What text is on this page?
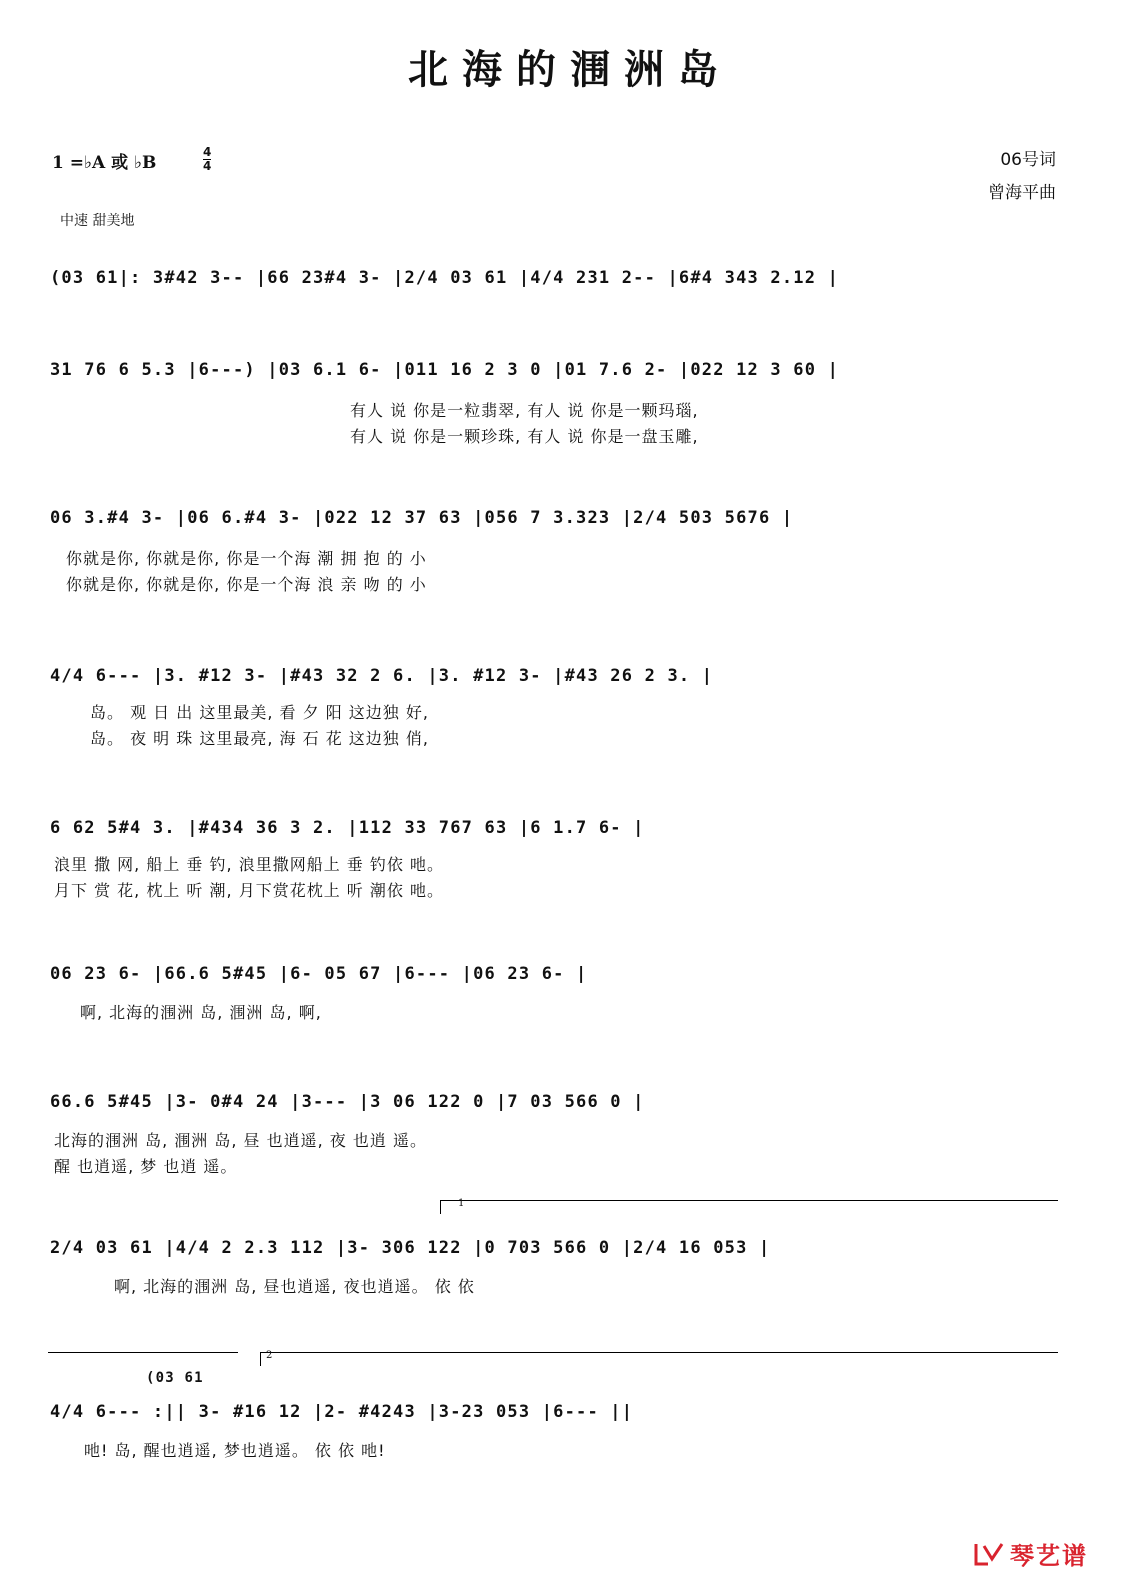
北海的涠洲岛
1 =♭A 或 ♭B
4
4	06号词
曾海平曲
中速 甜美地
(03 61|: 3#42 3-- |66 23#4 3- |2/4 03 61 |4/4 231 2-- |6#4 343 2.12 |
31 76 6 5.3 |6---) |03 6.1 6- |011 16 2 3 0 |01 7.6 2- |022 12 3 60 |
有人 说 你是一粒翡翠, 有人 说 你是一颗玛瑙,
有人 说 你是一颗珍珠, 有人 说 你是一盘玉雕,
06 3.#4 3- |06 6.#4 3- |022 12 37 63 |056 7 3.323 |2/4 503 5676 |
你就是你, 你就是你, 你是一个海 潮 拥 抱 的 小
你就是你, 你就是你, 你是一个海 浪 亲 吻 的 小
4/4 6--- |3. #12 3- |#43 32 2 6. |3. #12 3- |#43 26 2 3. |
岛。 观 日 出 这里最美, 看 夕 阳 这边独 好,
岛。 夜 明 珠 这里最亮, 海 石 花 这边独 俏,
6 62 5#4 3. |#434 36 3 2. |112 33 767 63 |6 1.7 6- |
浪里 撒 网, 船上 垂 钓, 浪里撒网船上 垂 钓依 吔。
月下 赏 花, 枕上 听 潮, 月下赏花枕上 听 潮依 吔。
06 23 6- |66.6 5#45 |6- 05 67 |6--- |06 23 6- |
啊, 北海的涠洲 岛, 涠洲 岛, 啊,
66.6 5#45 |3- 0#4 24 |3--- |3 06 122 0 |7 03 566 0 |
北海的涠洲 岛, 涠洲 岛, 昼 也逍遥, 夜 也逍 遥。
醒 也逍遥, 梦 也逍 遥。
1
2/4 03 61 |4/4 2 2.3 112 |3- 306 122 |0 703 566 0 |2/4 16 053 |
啊, 北海的涠洲 岛, 昼也逍遥, 夜也逍遥。 依 依
2
(03 61
4/4 6--- :|| 3- #16 12 |2- #4243 |3-23 053 |6--- ||
吔! 岛, 醒也逍遥, 梦也逍遥。 依 依 吔!
琴艺谱
